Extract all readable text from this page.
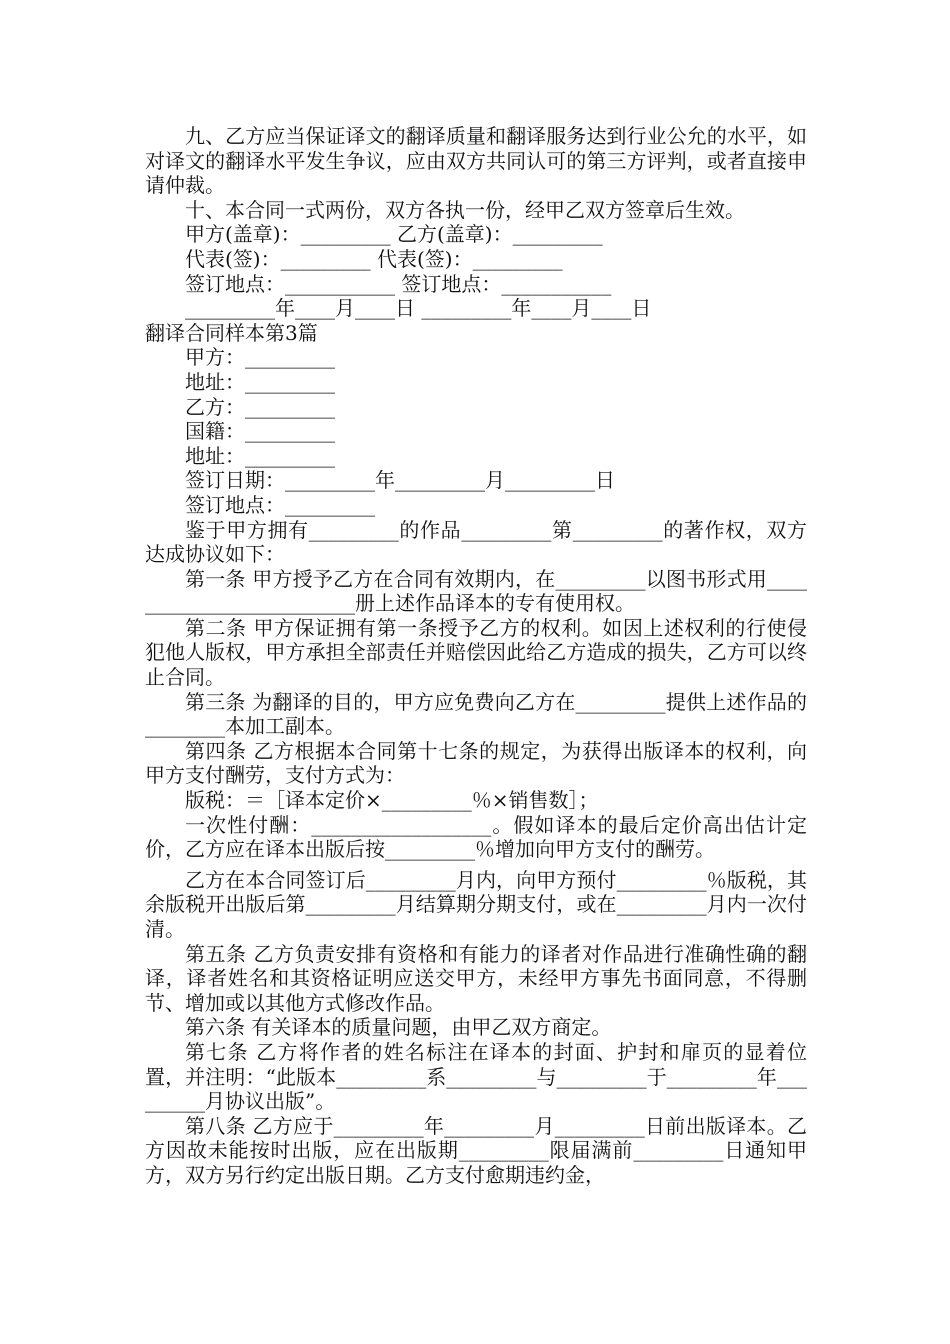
九、乙方应当保证译文的翻译质量和翻译服务达到行业公允的水平，如对译文的翻译水平发生争议，应由双方共同认可的第三方评判，或者直接申请仲裁。

十、本合同一式两份，双方各执一份，经甲乙双方签章后生效。

甲方(盖章)：_________ 乙方(盖章)：_________

代表(签)：_________ 代表(签)：_________

签订地点：___________ 签订地点：___________

_________年____月____日 _________年____月____日

翻译合同样本第3篇

甲方：_________

地址：_________

乙方：_________

国籍：_________

地址：_________

签订日期：_________年_________月_________日

签订地点：_________

鉴于甲方拥有_________的作品_________第_________的著作权，双方达成协议如下：

第一条 甲方授予乙方在合同有效期内，在_________以图书形式用_________________________册上述作品译本的专有使用权。

第二条 甲方保证拥有第一条授予乙方的权利。如因上述权利的行使侵犯他人版权，甲方承担全部责任并赔偿因此给乙方造成的损失，乙方可以终止合同。

第三条 为翻译的目的，甲方应免费向乙方在_________提供上述作品的________本加工副本。

第四条 乙方根据本合同第十七条的规定，为获得出版译本的权利，向甲方支付酬劳，支付方式为：

版税：＝［译本定价×_________％×销售数］；

一次性付酬：__________________。假如译本的最后定价高出估计定价，乙方应在译本出版后按_________％增加向甲方支付的酬劳。

乙方在本合同签订后_________月内，向甲方预付_________％版税，其余版税开出版后第_________月结算期分期支付，或在_________月内一次付清。

第五条 乙方负责安排有资格和有能力的译者对作品进行准确性确的翻译，译者姓名和其资格证明应送交甲方，未经甲方事先书面同意，不得删节、增加或以其他方式修改作品。

第六条 有关译本的质量问题，由甲乙双方商定。

第七条 乙方将作者的姓名标注在译本的封面、护封和扉页的显着位置，并注明：“此版本_________系_________与_________于_________年_________月协议出版”。

第八条 乙方应于_________年_________月_________日前出版译本。乙方因故未能按时出版，应在出版期_________限届满前_________日通知甲方，双方另行约定出版日期。乙方支付愈期违约金，
